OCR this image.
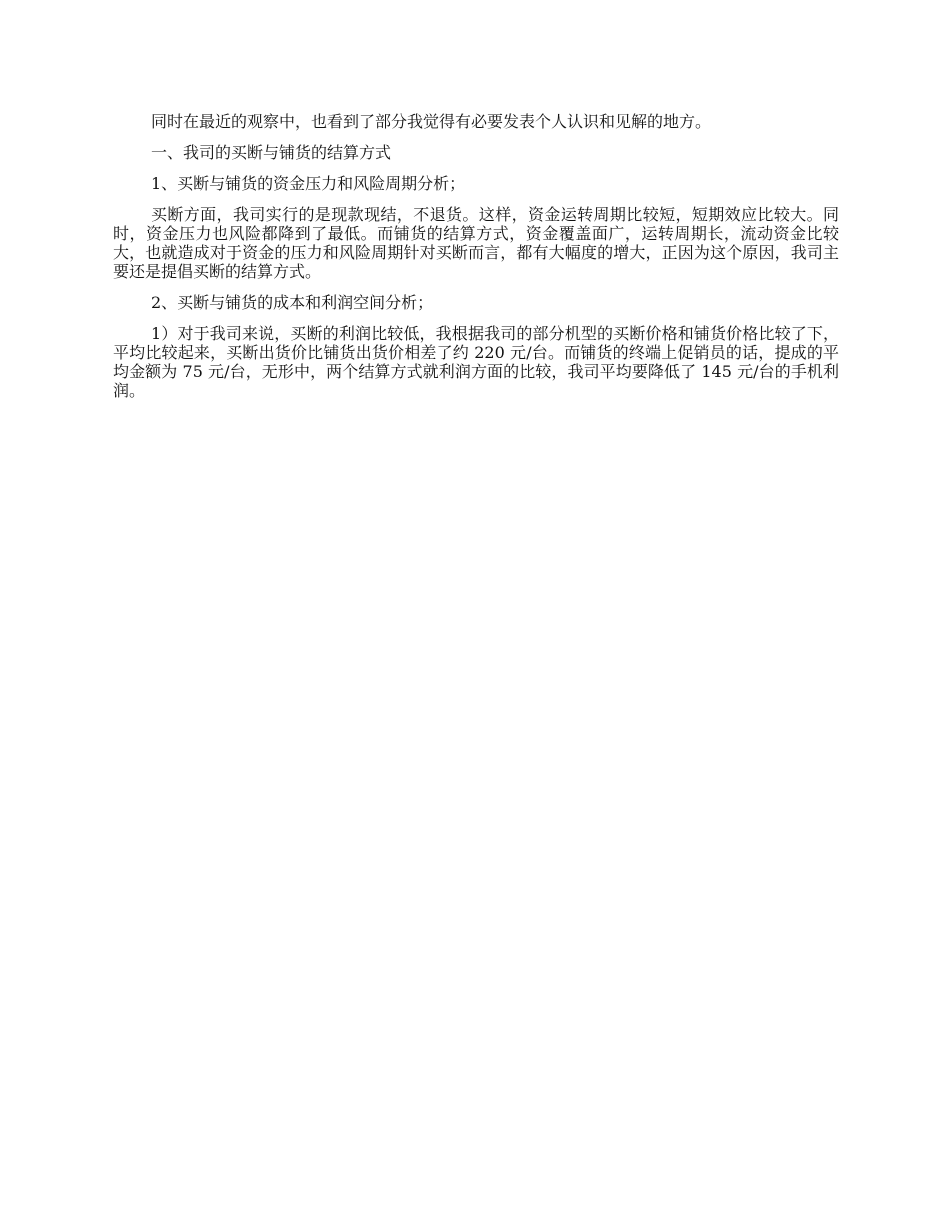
同时在最近的观察中，也看到了部分我觉得有必要发表个人认识和见解的地方。

一、我司的买断与铺货的结算方式

1、买断与铺货的资金压力和风险周期分析；

买断方面，我司实行的是现款现结，不退货。这样，资金运转周期比较短，短期效应比较大。同时，资金压力也风险都降到了最低。而铺货的结算方式，资金覆盖面广，运转周期长，流动资金比较大，也就造成对于资金的压力和风险周期针对买断而言，都有大幅度的增大，正因为这个原因，我司主要还是提倡买断的结算方式。

2、买断与铺货的成本和利润空间分析；

1）对于我司来说，买断的利润比较低，我根据我司的部分机型的买断价格和铺货价格比较了下，平均比较起来，买断出货价比铺货出货价相差了约 220 元/台。而铺货的终端上促销员的话，提成的平均金额为 75 元/台，无形中，两个结算方式就利润方面的比较，我司平均要降低了 145 元/台的手机利润。
